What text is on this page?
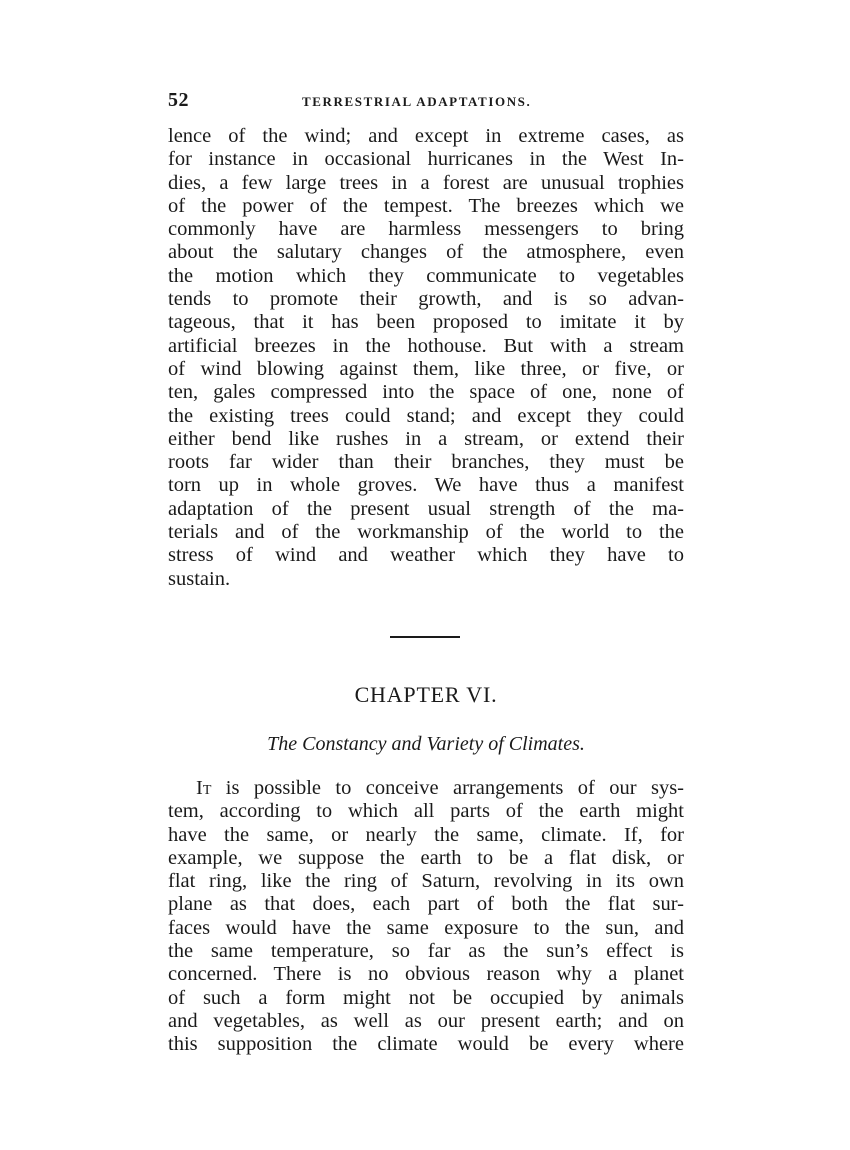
52	TERRESTRIAL ADAPTATIONS.
lence of the wind; and except in extreme cases, as
for instance in occasional hurricanes in the West In-
dies, a few large trees in a forest are unusual trophies
of the power of the tempest. The breezes which we
commonly have are harmless messengers to bring
about the salutary changes of the atmosphere, even
the motion which they communicate to vegetables
tends to promote their growth, and is so advan-
tageous, that it has been proposed to imitate it by
artificial breezes in the hothouse. But with a stream
of wind blowing against them, like three, or five, or
ten, gales compressed into the space of one, none of
the existing trees could stand; and except they could
either bend like rushes in a stream, or extend their
roots far wider than their branches, they must be
torn up in whole groves. We have thus a manifest
adaptation of the present usual strength of the ma-
terials and of the workmanship of the world to the
stress of wind and weather which they have to
sustain.
CHAPTER VI.
The Constancy and Variety of Climates.
It is possible to conceive arrangements of our sys-
tem, according to which all parts of the earth might
have the same, or nearly the same, climate. If, for
example, we suppose the earth to be a flat disk, or
flat ring, like the ring of Saturn, revolving in its own
plane as that does, each part of both the flat sur-
faces would have the same exposure to the sun, and
the same temperature, so far as the sun’s effect is
concerned. There is no obvious reason why a planet
of such a form might not be occupied by animals
and vegetables, as well as our present earth; and on
this supposition the climate would be every where
